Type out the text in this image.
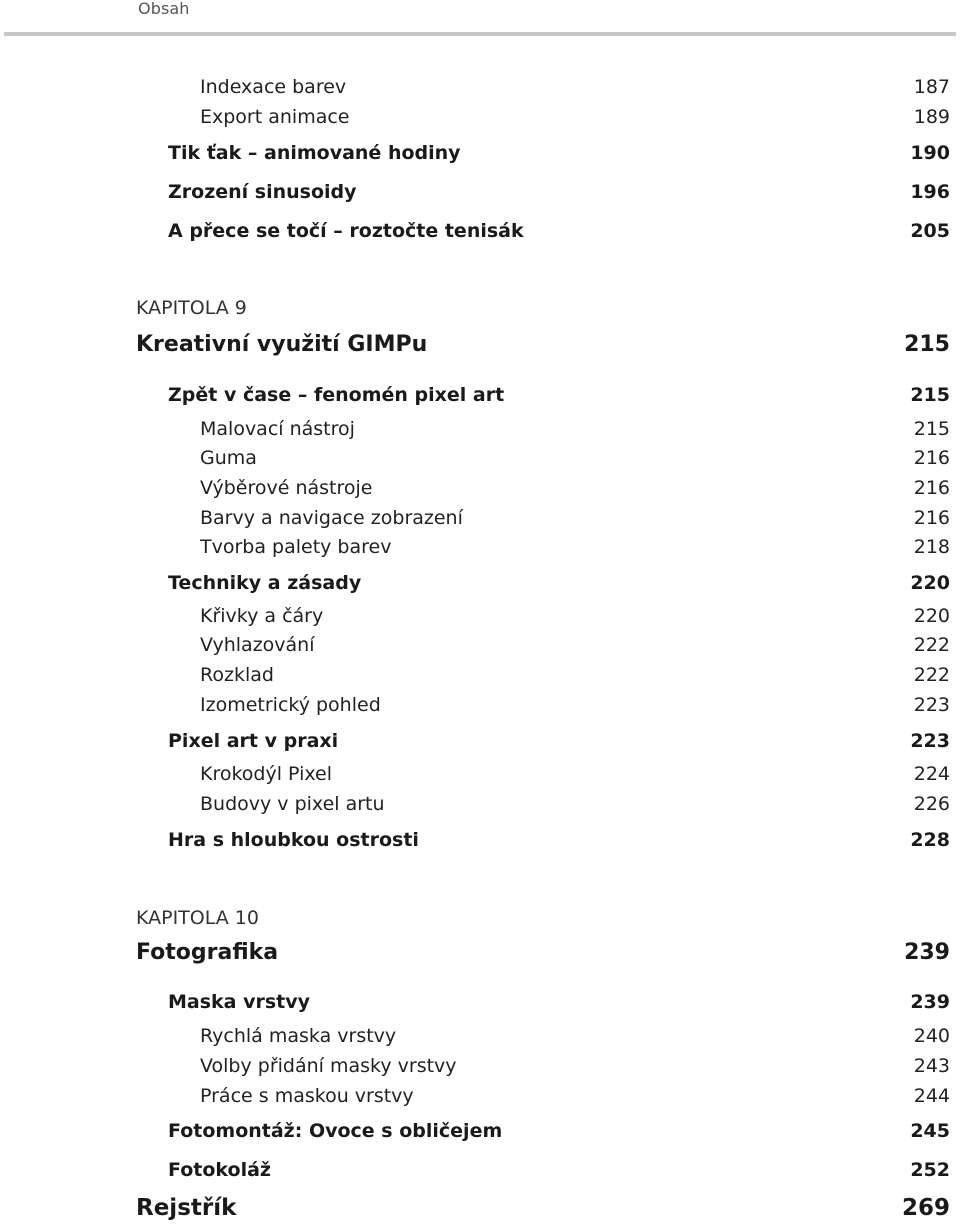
Obsah
Indexace barev	187
Export animace	189
Tik ťak – animované hodiny	190
Zrození sinusoidy	196
A přece se točí – roztočte tenisák	205
KAPITOLA 9
Kreativní využití GIMPu	215
Zpět v čase – fenomén pixel art	215
Malovací nástroj	215
Guma	216
Výběrové nástroje	216
Barvy a navigace zobrazení	216
Tvorba palety barev	218
Techniky a zásady	220
Křivky a čáry	220
Vyhlazování	222
Rozklad	222
Izometrický pohled	223
Pixel art v praxi	223
Krokodýl Pixel	224
Budovy v pixel artu	226
Hra s hloubkou ostrosti	228
KAPITOLA 10
Fotografika	239
Maska vrstvy	239
Rychlá maska vrstvy	240
Volby přidání masky vrstvy	243
Práce s maskou vrstvy	244
Fotomontáž: Ovoce s obličejem	245
Fotokoláž	252
Rejstřík	269
